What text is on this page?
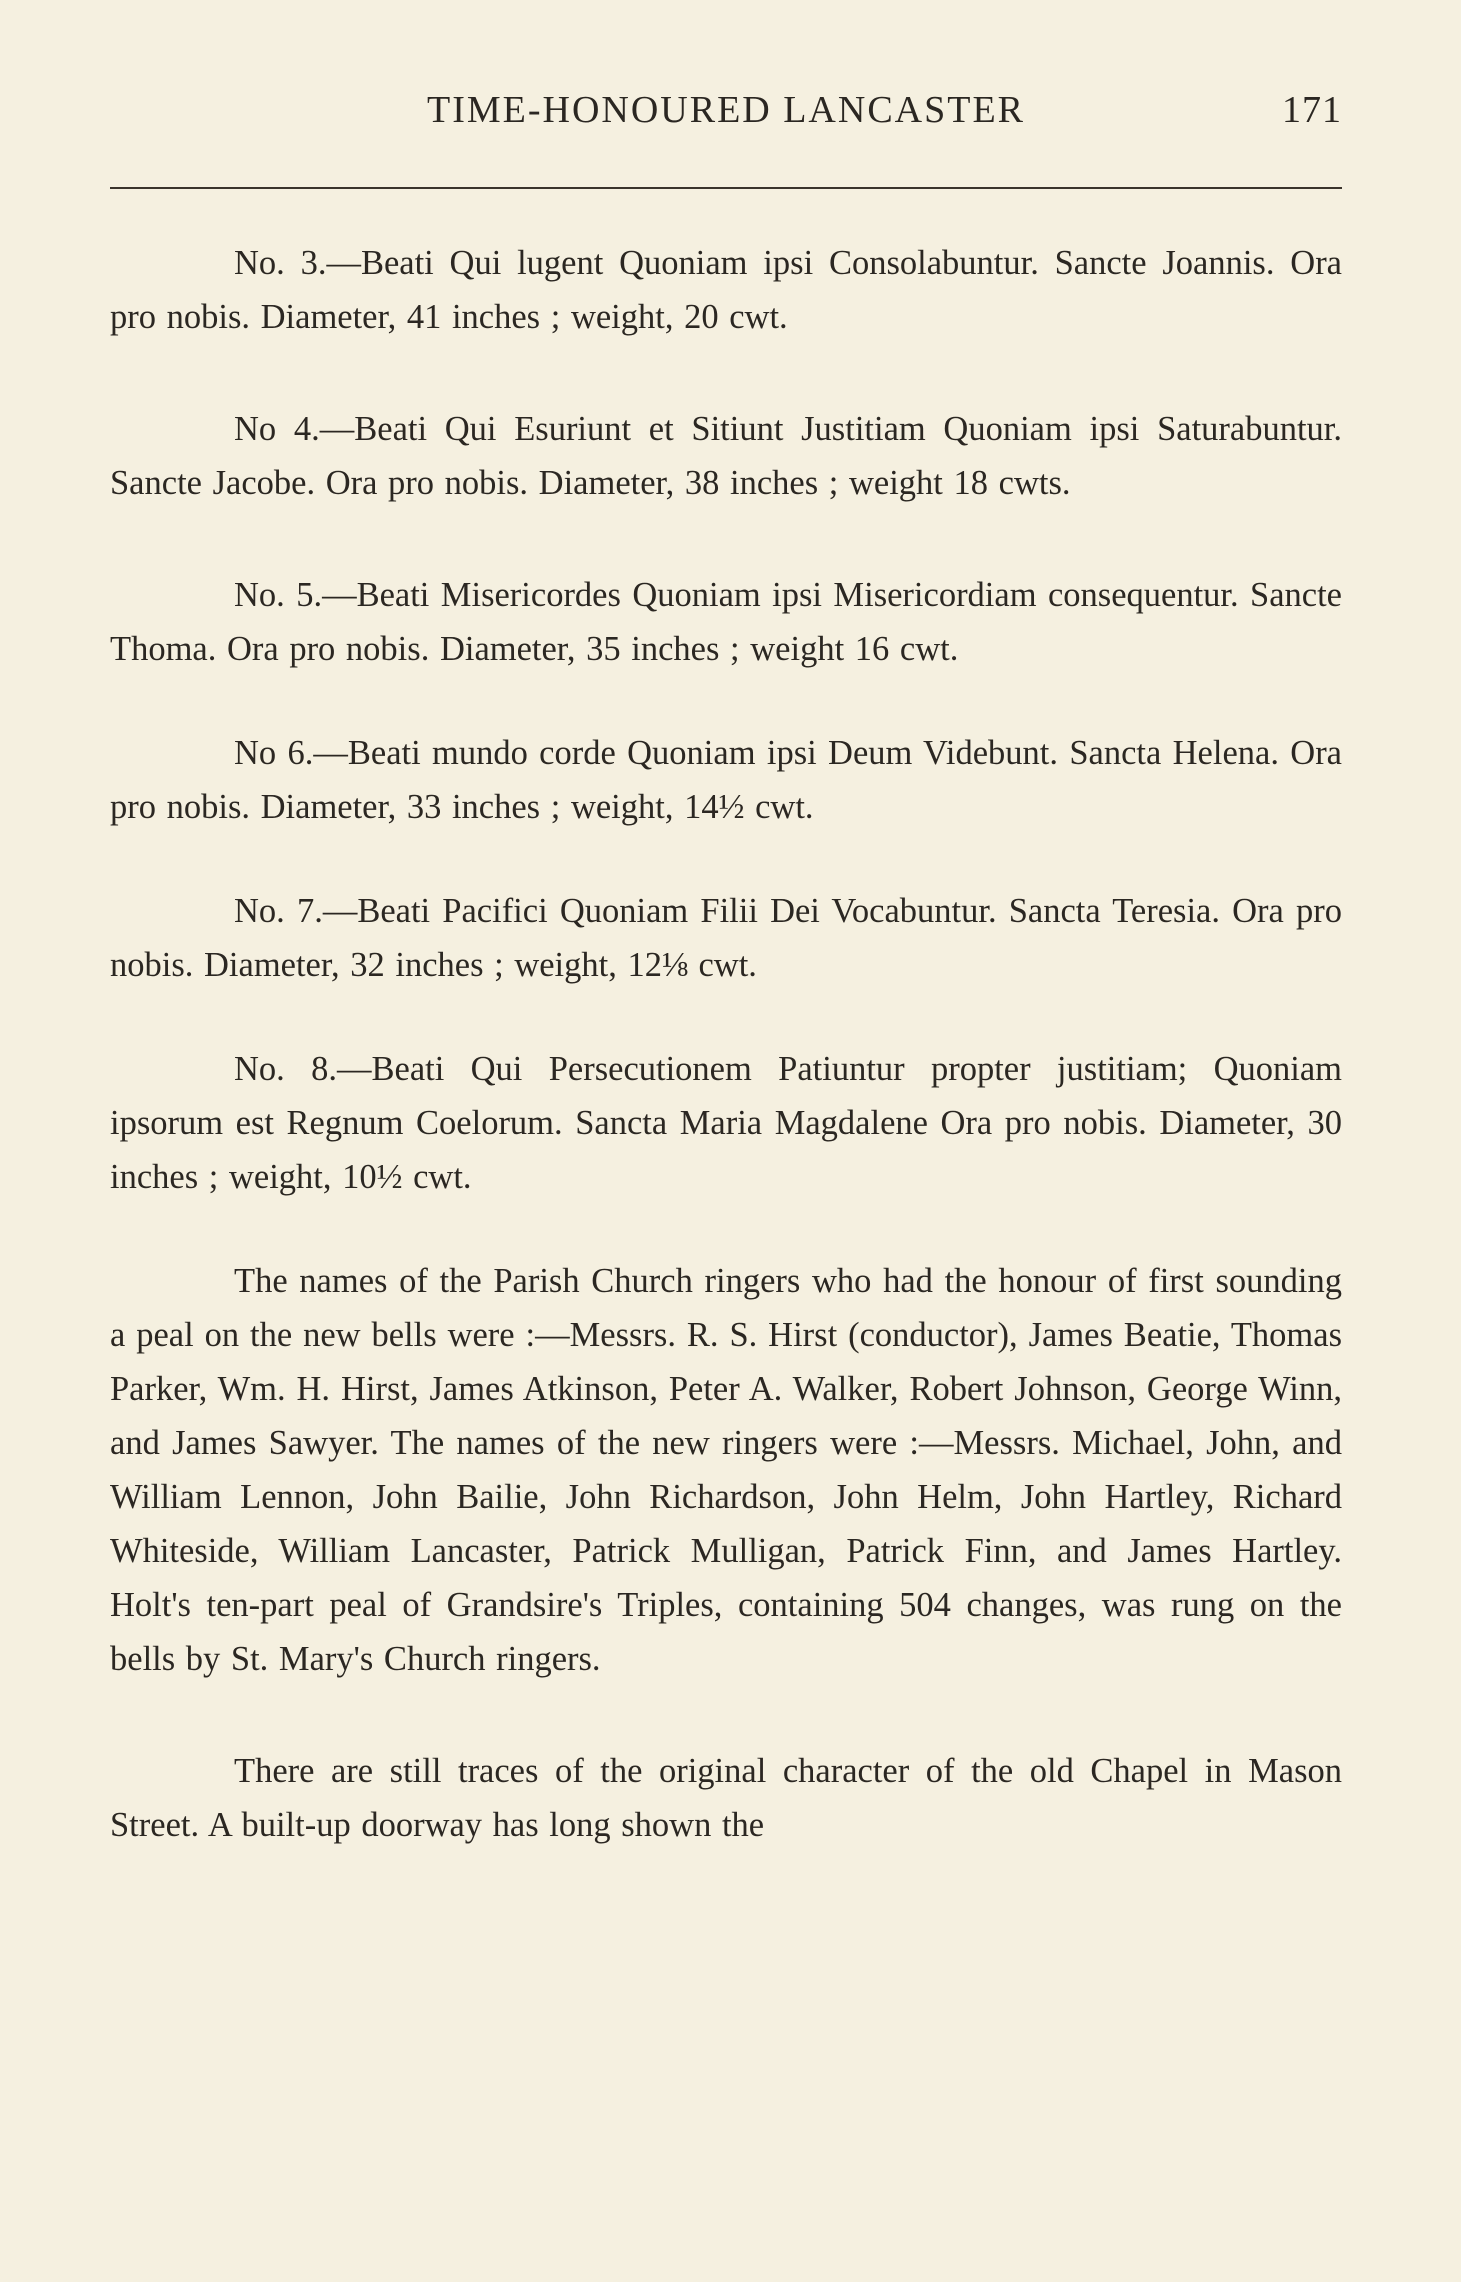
TIME-HONOURED LANCASTER	171

No. 3.—Beati Qui lugent Quoniam ipsi Consolabuntur. Sancte Joannis. Ora pro nobis. Diameter, 41 inches ; weight, 20 cwt.

No 4.—Beati Qui Esuriunt et Sitiunt Justitiam Quoniam ipsi Saturabuntur. Sancte Jacobe. Ora pro nobis. Diameter, 38 inches ; weight 18 cwts.

No. 5.—Beati Misericordes Quoniam ipsi Misericordiam consequentur. Sancte Thoma. Ora pro nobis. Diameter, 35 inches ; weight 16 cwt.

No 6.—Beati mundo corde Quoniam ipsi Deum Videbunt. Sancta Helena. Ora pro nobis. Diameter, 33 inches ; weight, 14½ cwt.

No. 7.—Beati Pacifici Quoniam Filii Dei Vocabuntur. Sancta Teresia. Ora pro nobis. Diameter, 32 inches ; weight, 12⅛ cwt.

No. 8.—Beati Qui Persecutionem Patiuntur propter justitiam; Quoniam ipsorum est Regnum Coelorum. Sancta Maria Magdalene Ora pro nobis. Diameter, 30 inches ; weight, 10½ cwt.

The names of the Parish Church ringers who had the honour of first sounding a peal on the new bells were :—Messrs. R. S. Hirst (conductor), James Beatie, Thomas Parker, Wm. H. Hirst, James Atkinson, Peter A. Walker, Robert Johnson, George Winn, and James Sawyer. The names of the new ringers were :—Messrs. Michael, John, and William Lennon, John Bailie, John Richardson, John Helm, John Hartley, Richard Whiteside, William Lancaster, Patrick Mulligan, Patrick Finn, and James Hartley. Holt's ten-part peal of Grandsire's Triples, containing 504 changes, was rung on the bells by St. Mary's Church ringers.

There are still traces of the original character of the old Chapel in Mason Street. A built-up doorway has long shown the
